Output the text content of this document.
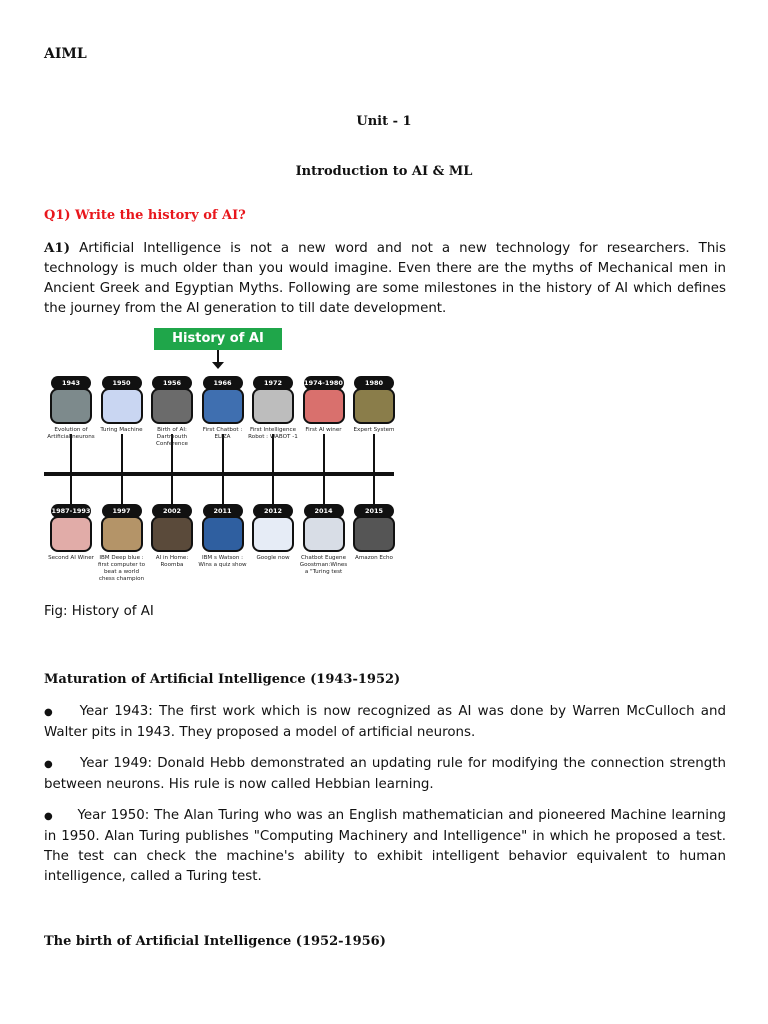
AIML
Unit - 1
Introduction to AI & ML
Q1) Write the history of AI?
A1) Artificial Intelligence is not a new word and not a new technology for researchers. This technology is much older than you would imagine. Even there are the myths of Mechanical men in Ancient Greek and Egyptian Myths. Following are some milestones in the history of AI which defines the journey from the AI generation to till date development.
History of AI
1943
Evolution of Artificial neurons
1950
Turing Machine
1956
Birth of AI: Dartmouth Conference
1966
First Chatbot : ELIZA
1972
First Intelligence Robot : WABOT -1
1974-1980
First AI winer
1980
Expert System
1987-1993
Second AI Winer
1997
IBM Deep blue : first computer to beat a world chess champion
2002
AI in Home: Roomba
2011
IBM s Watson : Wins a quiz show
2012
Google now
2014
Chatbot Eugene Goostman:Wines a "Turing test
2015
Amazon Echo
Fig: History of AI
Maturation of Artificial Intelligence (1943-1952)
● Year 1943: The first work which is now recognized as AI was done by Warren McCulloch and Walter pits in 1943. They proposed a model of artificial neurons.
● Year 1949: Donald Hebb demonstrated an updating rule for modifying the connection strength between neurons. His rule is now called Hebbian learning.
● Year 1950: The Alan Turing who was an English mathematician and pioneered Machine learning in 1950. Alan Turing publishes "Computing Machinery and Intelligence" in which he proposed a test. The test can check the machine's ability to exhibit intelligent behavior equivalent to human intelligence, called a Turing test.
The birth of Artificial Intelligence (1952-1956)
